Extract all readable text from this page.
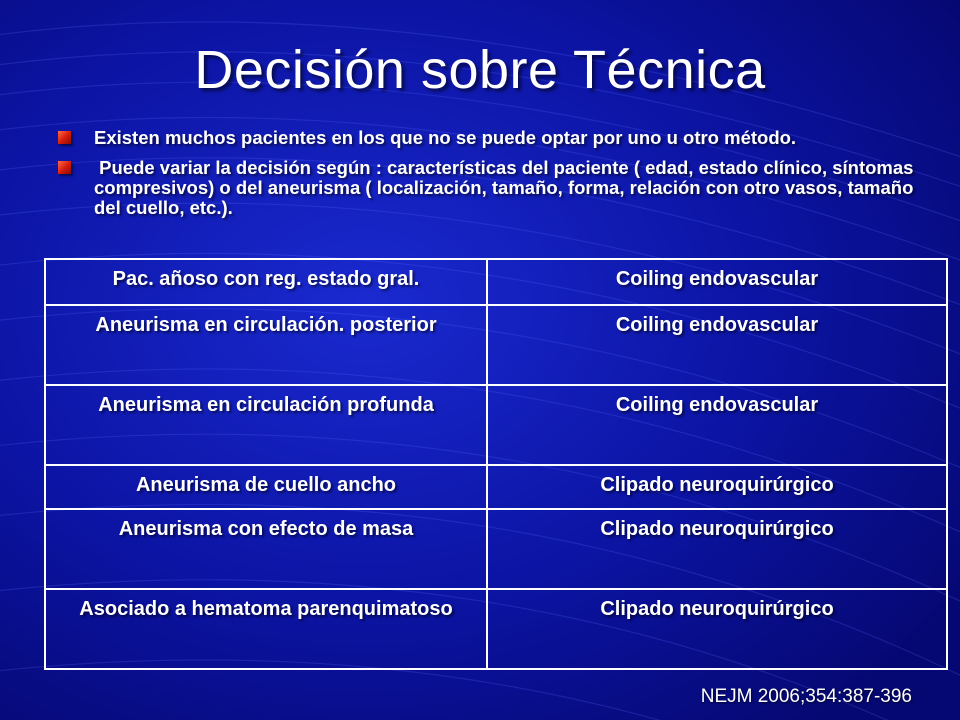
Decisión sobre Técnica
Existen muchos pacientes en los que no se puede optar por uno u otro método.
Puede variar la decisión según : características del paciente ( edad, estado clínico, síntomas compresivos) o del aneurisma ( localización, tamaño, forma, relación con otro vasos, tamaño del cuello, etc.).
Pac. añoso con reg. estado gral.	Coiling endovascular
Aneurisma en circulación. posterior	Coiling endovascular
Aneurisma en circulación profunda	Coiling endovascular
Aneurisma de cuello ancho	Clipado neuroquirúrgico
Aneurisma con efecto de masa	Clipado neuroquirúrgico
Asociado a hematoma parenquimatoso	Clipado neuroquirúrgico
NEJM 2006;354:387-396
